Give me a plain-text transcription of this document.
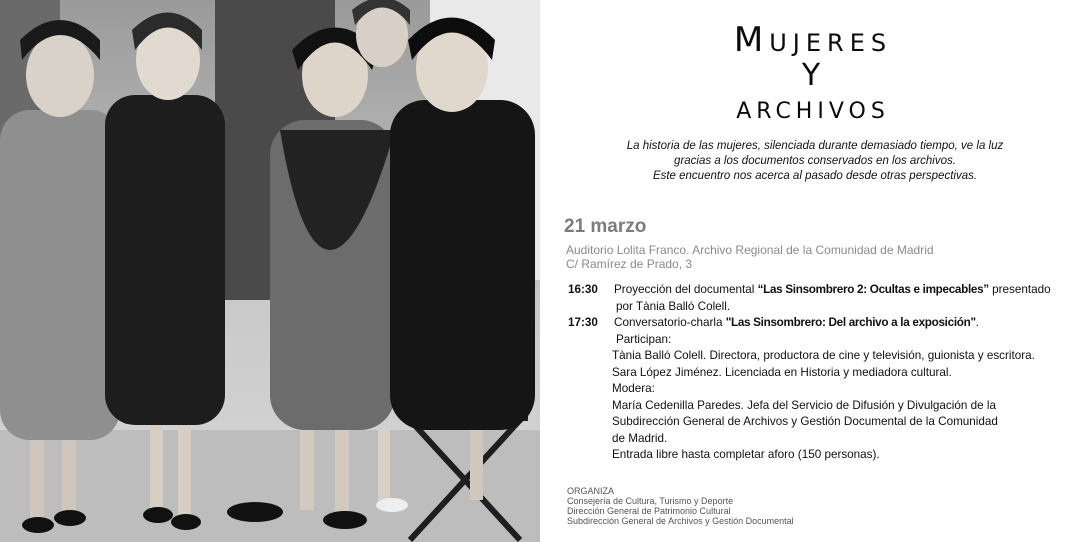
Mujeres
Y
archivos
La historia de las mujeres, silenciada durante demasiado tiempo, ve la luz
gracias a los documentos conservados en los archivos.
Este encuentro nos acerca al pasado desde otras perspectivas.
21 marzo
Auditorio Lolita Franco. Archivo Regional de la Comunidad de Madrid
C/ Ramírez de Prado, 3
16:30 Proyección del documental “Las Sinsombrero 2: Ocultas e impecables” presentado
por Tània Balló Colell.
17:30 Conversatorio-charla "Las Sinsombrero: Del archivo a la exposición".
Participan:
Tània Balló Colell. Directora, productora de cine y televisión, guionista y escritora.
Sara López Jiménez. Licenciada en Historia y mediadora cultural.
Modera:
María Cedenilla Paredes. Jefa del Servicio de Difusión y Divulgación de la
Subdirección General de Archivos y Gestión Documental de la Comunidad
de Madrid.
Entrada libre hasta completar aforo (150 personas).
ORGANIZA
Consejería de Cultura, Turismo y Deporte
Dirección General de Patrimonio Cultural
Subdirección General de Archivos y Gestión Documental
